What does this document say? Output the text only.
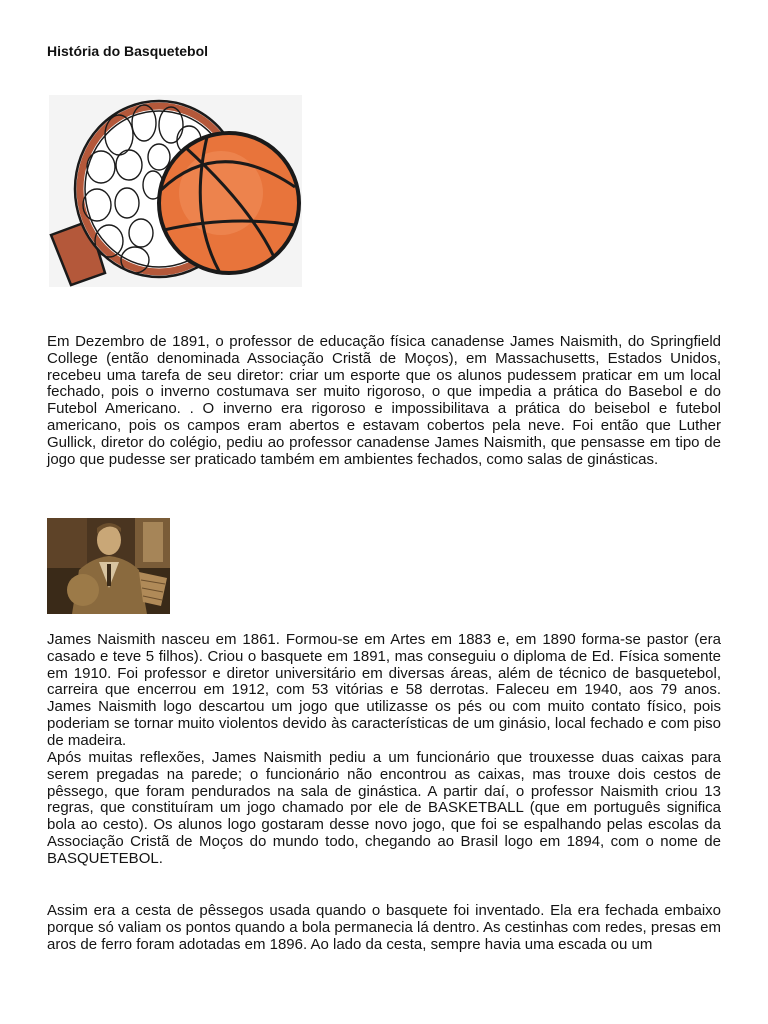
História do Basquetebol

Em Dezembro de 1891, o professor de educação física canadense James Naismith, do Springfield College (então denominada Associação Cristã de Moços), em Massachusetts, Estados Unidos, recebeu uma tarefa de seu diretor: criar um esporte que os alunos pudessem praticar em um local fechado, pois o inverno costumava ser muito rigoroso, o que impedia a prática do Basebol e do Futebol Americano. . O inverno era rigoroso e impossibilitava a prática do beisebol e futebol americano, pois os campos eram abertos e estavam cobertos pela neve. Foi então que Luther Gullick, diretor do colégio, pediu ao professor canadense James Naismith, que pensasse em tipo de jogo que pudesse ser praticado também em ambientes fechados, como salas de ginásticas.

James Naismith nasceu em 1861. Formou-se em Artes em 1883 e, em 1890 forma-se pastor (era casado e teve 5 filhos). Criou o basquete em 1891, mas conseguiu o diploma de Ed. Física somente em 1910. Foi professor e diretor universitário em diversas áreas, além de técnico de basquetebol, carreira que encerrou em 1912, com 53 vitórias e 58 derrotas. Faleceu em 1940, aos 79 anos. James Naismith logo descartou um jogo que utilizasse os pés ou com muito contato físico, pois poderiam se tornar muito violentos devido às características de um ginásio, local fechado e com piso de madeira.

Após muitas reflexões, James Naismith pediu a um funcionário que trouxesse duas caixas para serem pregadas na parede; o funcionário não encontrou as caixas, mas trouxe dois cestos de pêssego, que foram pendurados na sala de ginástica. A partir daí, o professor Naismith criou 13 regras, que constituíram um jogo chamado por ele de BASKETBALL (que em português significa bola ao cesto). Os alunos logo gostaram desse novo jogo, que foi se espalhando pelas escolas da Associação Cristã de Moços do mundo todo, chegando ao Brasil logo em 1894, com o nome de BASQUETEBOL.

Assim era a cesta de pêssegos usada quando o basquete foi inventado. Ela era fechada embaixo porque só valiam os pontos quando a bola permanecia lá dentro. As cestinhas com redes, presas em aros de ferro foram adotadas em 1896. Ao lado da cesta, sempre havia uma escada ou um
